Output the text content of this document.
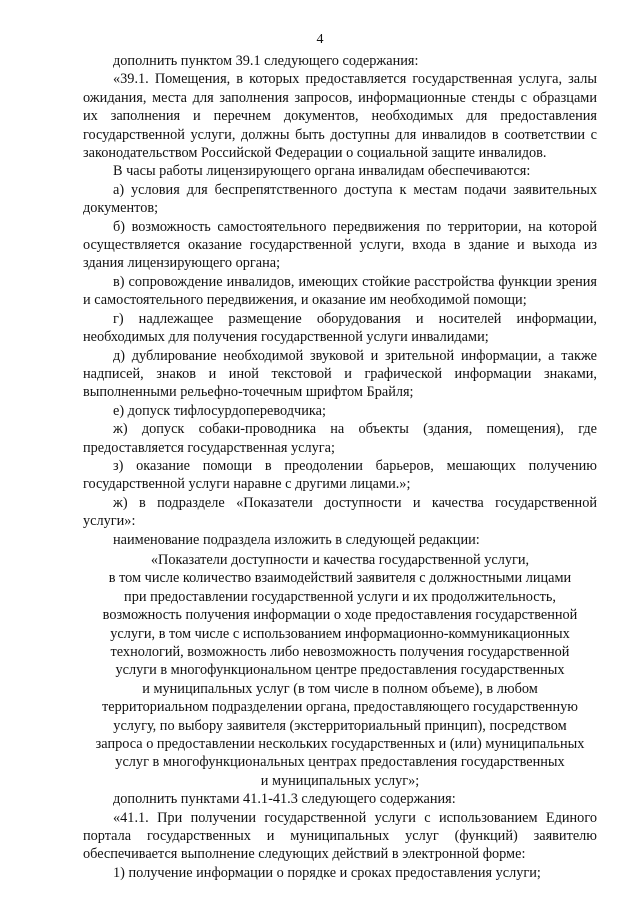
4

дополнить пунктом 39.1 следующего содержания:

«39.1. Помещения, в которых предоставляется государственная услуга, залы ожидания, места для заполнения запросов, информационные стенды с образцами их заполнения и перечнем документов, необходимых для предоставления государственной услуги, должны быть доступны для инвалидов в соответствии с законодательством Российской Федерации о социальной защите инвалидов.

В часы работы лицензирующего органа инвалидам обеспечиваются:

а) условия для беспрепятственного доступа к местам подачи заявительных документов;

б) возможность самостоятельного передвижения по территории, на которой осуществляется оказание государственной услуги, входа в здание и выхода из здания лицензирующего органа;

в) сопровождение инвалидов, имеющих стойкие расстройства функции зрения и самостоятельного передвижения, и оказание им необходимой помощи;

г) надлежащее размещение оборудования и носителей информации, необходимых для получения государственной услуги инвалидами;

д) дублирование необходимой звуковой и зрительной информации, а также надписей, знаков и иной текстовой и графической информации знаками, выполненными рельефно-точечным шрифтом Брайля;

е) допуск тифлосурдопереводчика;

ж) допуск собаки-проводника на объекты (здания, помещения), где предоставляется государственная услуга;

з) оказание помощи в преодолении барьеров, мешающих получению государственной услуги наравне с другими лицами.»;

ж) в подразделе «Показатели доступности и качества государственной услуги»:

наименование подраздела изложить в следующей редакции:

«Показатели доступности и качества государственной услуги,

в том числе количество взаимодействий заявителя с должностными лицами

при предоставлении государственной услуги и их продолжительность,

возможность получения информации о ходе предоставления государственной

услуги, в том числе с использованием информационно-коммуникационных

технологий, возможность либо невозможность получения государственной

услуги в многофункциональном центре предоставления государственных

и муниципальных услуг (в том числе в полном объеме), в любом

территориальном подразделении органа, предоставляющего государственную

услугу, по выбору заявителя (экстерриториальный принцип), посредством

запроса о предоставлении нескольких государственных и (или) муниципальных

услуг в многофункциональных центрах предоставления государственных

и муниципальных услуг»;

дополнить пунктами 41.1-41.3 следующего содержания:

«41.1. При получении государственной услуги с использованием Единого портала государственных и муниципальных услуг (функций) заявителю обеспечивается выполнение следующих действий в электронной форме:

1) получение информации о порядке и сроках предоставления услуги;
